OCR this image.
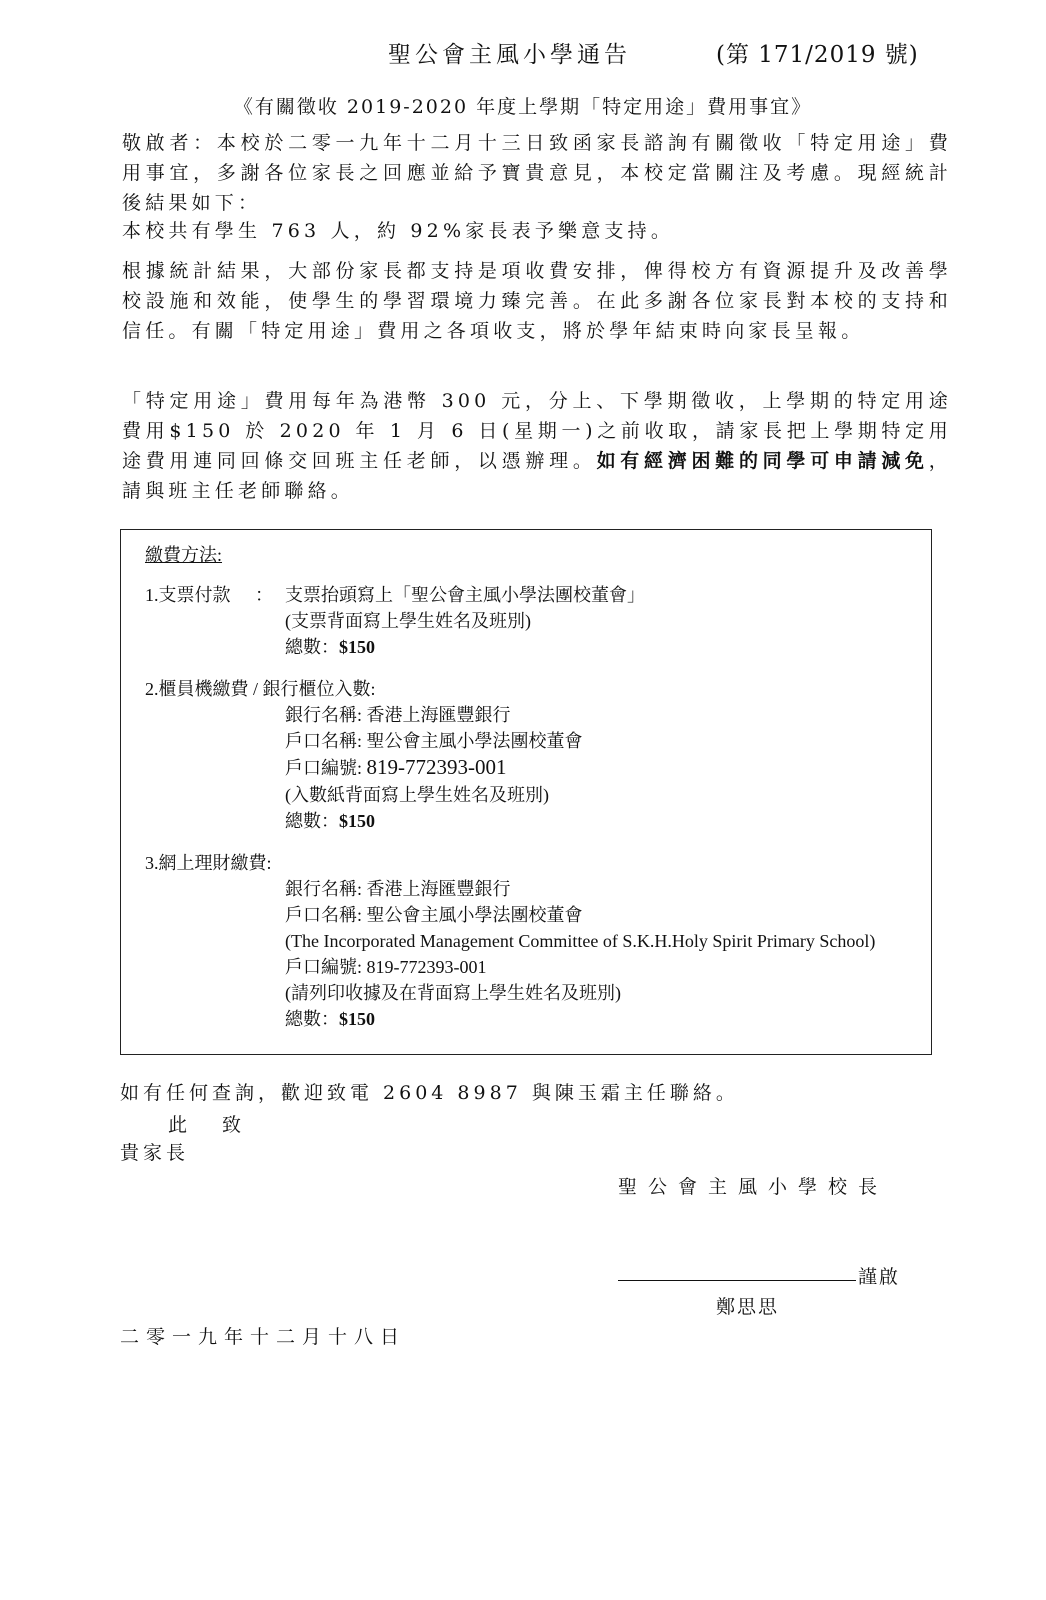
聖公會主風小學通告	(第 171/2019 號)
《有關徵收 2019-2020 年度上學期「特定用途」費用事宜》
敬啟者：本校於二零一九年十二月十三日致函家長諮詢有關徵收「特定用途」費用事宜，多謝各位家長之回應並給予寶貴意見，本校定當關注及考慮。現經統計後結果如下：
本校共有學生 763 人，約 92%家長表予樂意支持。
根據統計結果，大部份家長都支持是項收費安排，俾得校方有資源提升及改善學校設施和效能，使學生的學習環境力臻完善。在此多謝各位家長對本校的支持和信任。有關「特定用途」費用之各項收支，將於學年結束時向家長呈報。
「特定用途」費用每年為港幣 300 元，分上、下學期徵收，上學期的特定用途費用$150 於 2020 年 1 月 6 日(星期一)之前收取，請家長把上學期特定用途費用連同回條交回班主任老師，以憑辦理。如有經濟困難的同學可申請減免，請與班主任老師聯絡。
繳費方法:
1.支票付款 ： 支票抬頭寫上「聖公會主風小學法團校董會」
(支票背面寫上學生姓名及班別)
總數：$150
2.櫃員機繳費 / 銀行櫃位入數:
銀行名稱: 香港上海匯豐銀行
戶口名稱: 聖公會主風小學法團校董會
戶口編號: 819-772393-001
(入數紙背面寫上學生姓名及班別)
總數：$150
3.網上理財繳費:
銀行名稱: 香港上海匯豐銀行
戶口名稱: 聖公會主風小學法團校董會
(The Incorporated Management Committee of S.K.H.Holy Spirit Primary School)
戶口編號: 819-772393-001
(請列印收據及在背面寫上學生姓名及班別)
總數：$150
如有任何查詢，歡迎致電 2604 8987 與陳玉霜主任聯絡。
此 致
貴家長
聖公會主風小學校長
謹啟
鄭思思
二零一九年十二月十八日
